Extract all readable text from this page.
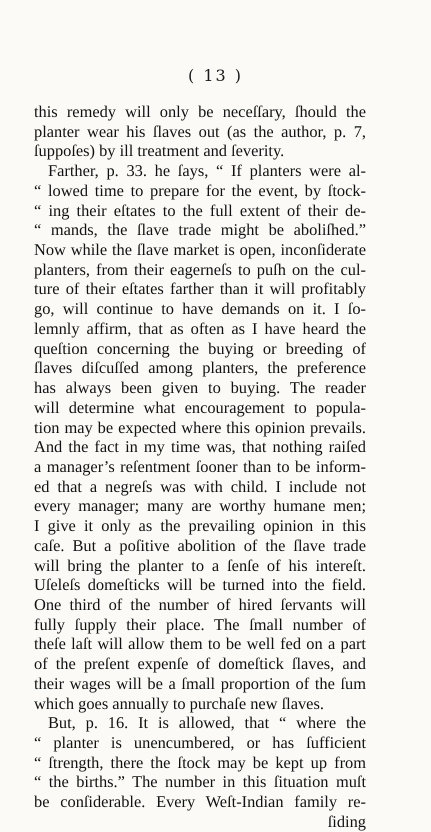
( 13 )
this remedy will only be neceſſary, ſhould the
planter wear his ſlaves out (as the author, p. 7,
ſuppoſes) by ill treatment and ſeverity.
Farther, p. 33. he ſays, “ If planters were al-
“ lowed time to prepare for the event, by ſtock-
“ ing their eſtates to the full extent of their de-
“ mands, the ſlave trade might be aboliſhed.”
Now while the ſlave market is open, inconſiderate
planters, from their eagerneſs to puſh on the cul-
ture of their eſtates farther than it will profitably
go, will continue to have demands on it. I ſo-
lemnly affirm, that as often as I have heard the
queſtion concerning the buying or breeding of
ſlaves diſcuſſed among planters, the preference
has always been given to buying. The reader
will determine what encouragement to popula-
tion may be expected where this opinion prevails.
And the fact in my time was, that nothing raiſed
a manager’s reſentment ſooner than to be inform-
ed that a negreſs was with child. I include not
every manager; many are worthy humane men;
I give it only as the prevailing opinion in this
caſe. But a poſitive abolition of the ſlave trade
will bring the planter to a ſenſe of his intereſt.
Uſeleſs domeſticks will be turned into the field.
One third of the number of hired ſervants will
fully ſupply their place. The ſmall number of
theſe laſt will allow them to be well fed on a part
of the preſent expenſe of domeſtick ſlaves, and
their wages will be a ſmall proportion of the ſum
which goes annually to purchaſe new ſlaves.
But, p. 16. It is allowed, that “ where the
“ planter is unencumbered, or has ſufficient
“ ſtrength, there the ſtock may be kept up from
“ the births.” The number in this ſituation muſt
be conſiderable. Every Weſt-Indian family re-
ſiding
